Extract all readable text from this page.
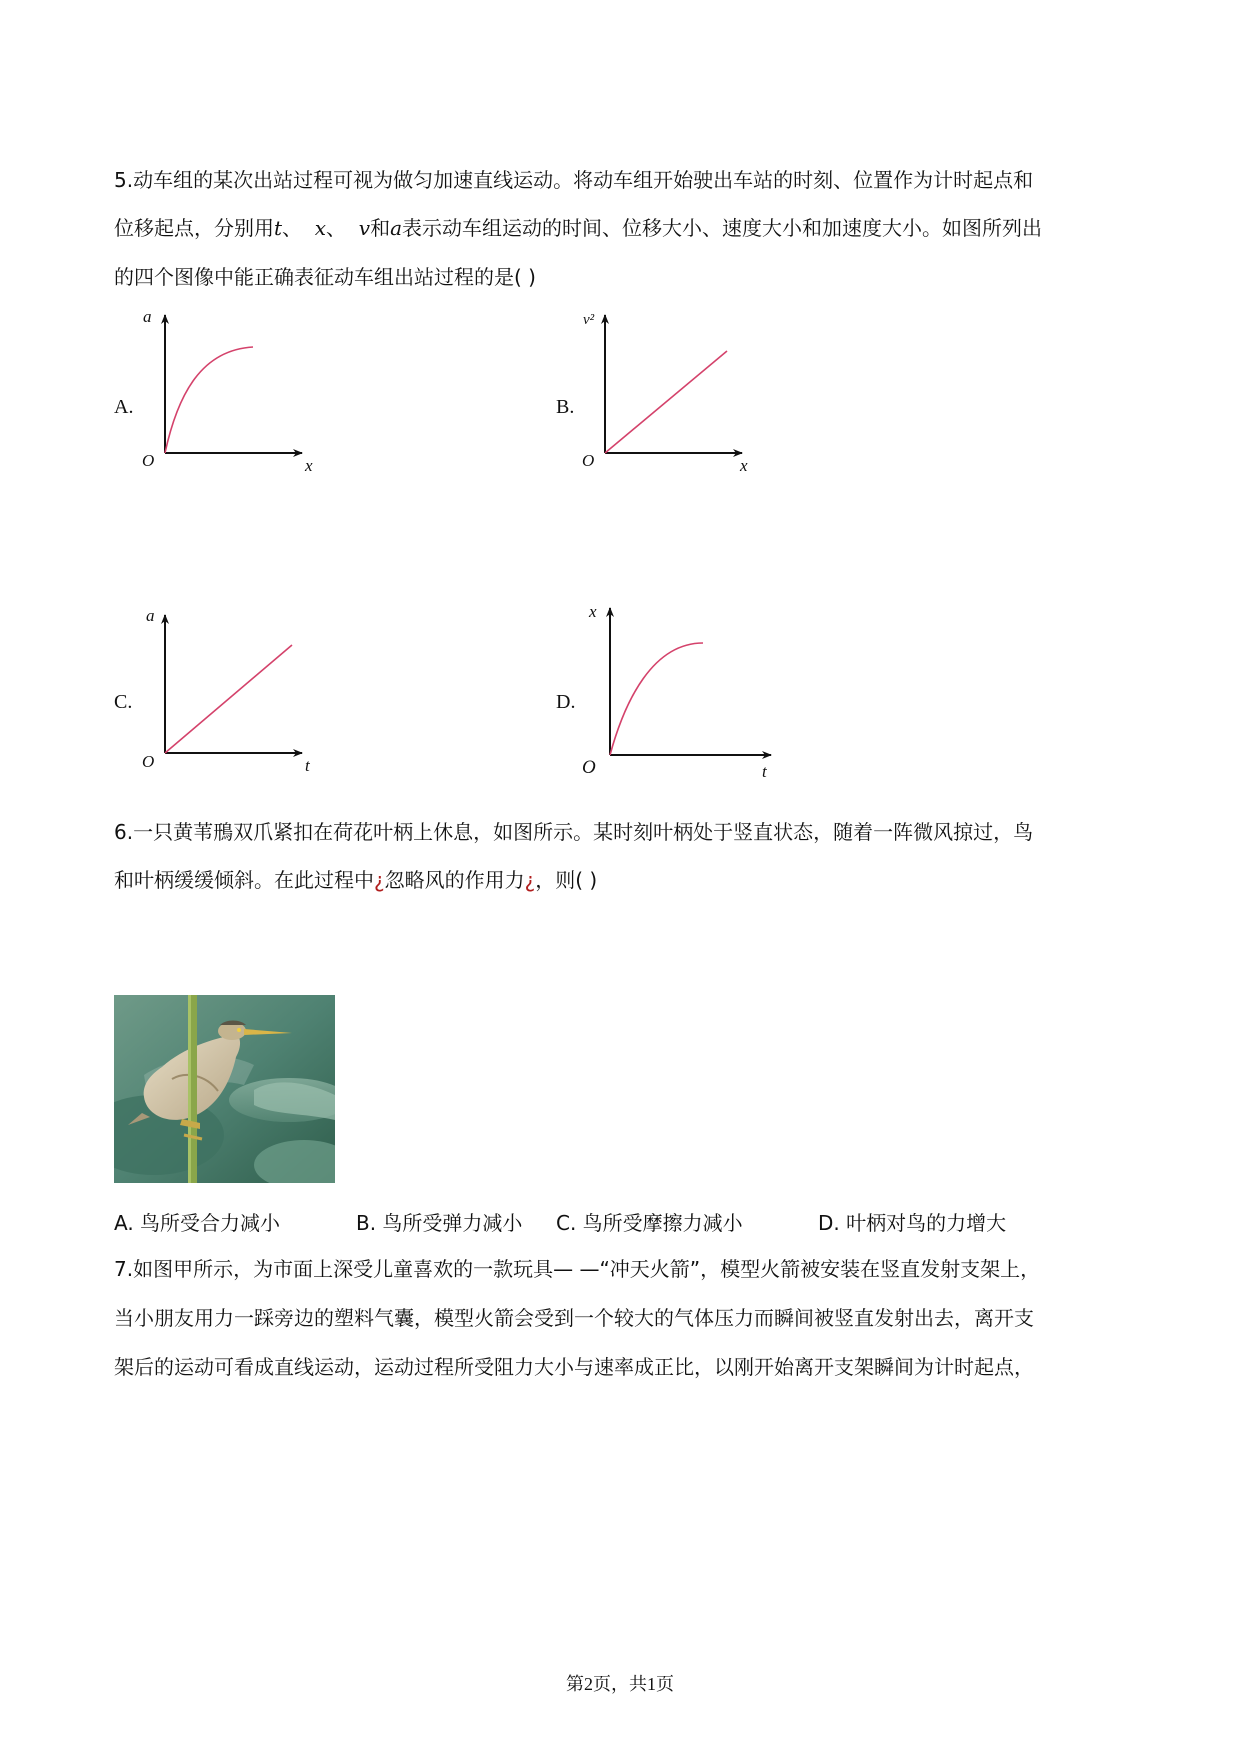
5.动车组的某次出站过程可视为做匀加速直线运动。将动车组开始驶出车站的时刻、位置作为计时起点和
位移起点，分别用t、 x、 v和a表示动车组运动的时间、位移大小、速度大小和加速度大小。如图所列出
的四个图像中能正确表征动车组出站过程的是( )
A.
a
O	x
B.
v²
O	x
C.
a
O	t
D.
x
O	t
6.一只黄苇鳽双爪紧扣在荷花叶柄上休息，如图所示。某时刻叶柄处于竖直状态，随着一阵微风掠过，鸟
和叶柄缓缓倾斜。在此过程中¿忽略风的作用力¿，则( )
A. 鸟所受合力减小	B. 鸟所受弹力减小 C. 鸟所受摩擦力减小	D. 叶柄对鸟的力增大
7.如图甲所示，为市面上深受儿童喜欢的一款玩具— —“冲天火箭”，模型火箭被安装在竖直发射支架上，
当小朋友用力一踩旁边的塑料气囊，模型火箭会受到一个较大的气体压力而瞬间被竖直发射出去，离开支
架后的运动可看成直线运动，运动过程所受阻力大小与速率成正比，以刚开始离开支架瞬间为计时起点，
第2页，共1页
